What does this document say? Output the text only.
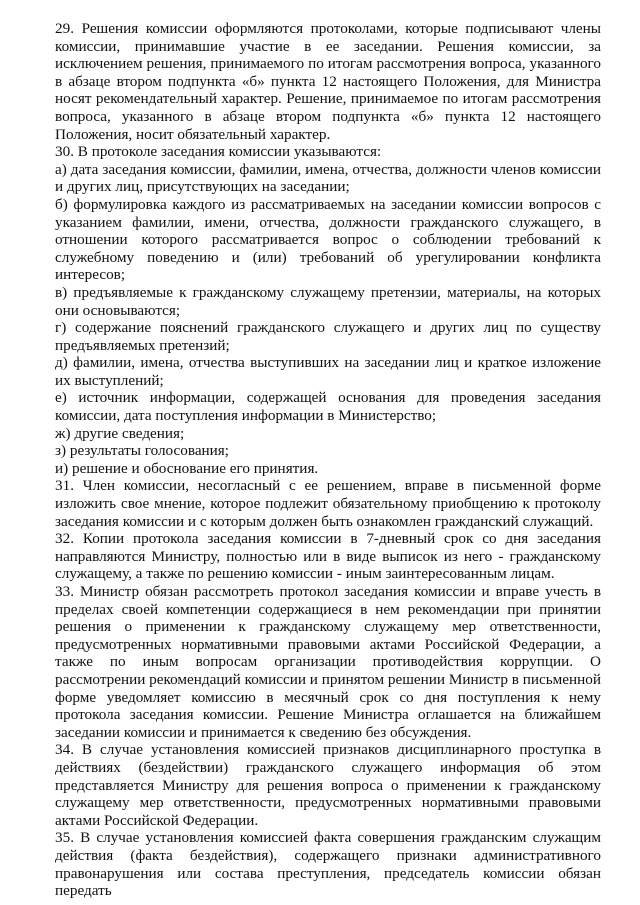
29. Решения комиссии оформляются протоколами, которые подписывают члены комиссии, принимавшие участие в ее заседании. Решения комиссии, за исключением решения, принимаемого по итогам рассмотрения вопроса, указанного в абзаце втором подпункта «б» пункта 12 настоящего Положения, для Министра носят рекомендательный характер. Решение, принимаемое по итогам рассмотрения вопроса, указанного в абзаце втором подпункта «б» пункта 12 настоящего Положения, носит обязательный характер.

30. В протоколе заседания комиссии указываются:

а) дата заседания комиссии, фамилии, имена, отчества, должности членов комиссии и других лиц, присутствующих на заседании;

б) формулировка каждого из рассматриваемых на заседании комиссии вопросов с указанием фамилии, имени, отчества, должности гражданского служащего, в отношении которого рассматривается вопрос о соблюдении требований к служебному поведению и (или) требований об урегулировании конфликта интересов;

в) предъявляемые к гражданскому служащему претензии, материалы, на которых они основываются;

г) содержание пояснений гражданского служащего и других лиц по существу предъявляемых претензий;

д) фамилии, имена, отчества выступивших на заседании лиц и краткое изложение их выступлений;

е) источник информации, содержащей основания для проведения заседания комиссии, дата поступления информации в Министерство;

ж) другие сведения;

з) результаты голосования;

и) решение и обоснование его принятия.

31. Член комиссии, несогласный с ее решением, вправе в письменной форме изложить свое мнение, которое подлежит обязательному приобщению к протоколу заседания комиссии и с которым должен быть ознакомлен гражданский служащий.

32. Копии протокола заседания комиссии в 7-дневный срок со дня заседания направляются Министру, полностью или в виде выписок из него - гражданскому служащему, а также по решению комиссии - иным заинтересованным лицам.

33. Министр обязан рассмотреть протокол заседания комиссии и вправе учесть в пределах своей компетенции содержащиеся в нем рекомендации при принятии решения о применении к гражданскому служащему мер ответственности, предусмотренных нормативными правовыми актами Российской Федерации, а также по иным вопросам организации противодействия коррупции. О рассмотрении рекомендаций комиссии и принятом решении Министр в письменной форме уведомляет комиссию в месячный срок со дня поступления к нему протокола заседания комиссии. Решение Министра оглашается на ближайшем заседании комиссии и принимается к сведению без обсуждения.

34. В случае установления комиссией признаков дисциплинарного проступка в действиях (бездействии) гражданского служащего информация об этом представляется Министру для решения вопроса о применении к гражданскому служащему мер ответственности, предусмотренных нормативными правовыми актами Российской Федерации.

35. В случае установления комиссией факта совершения гражданским служащим действия (факта бездействия), содержащего признаки административного правонарушения или состава преступления, председатель комиссии обязан передать
